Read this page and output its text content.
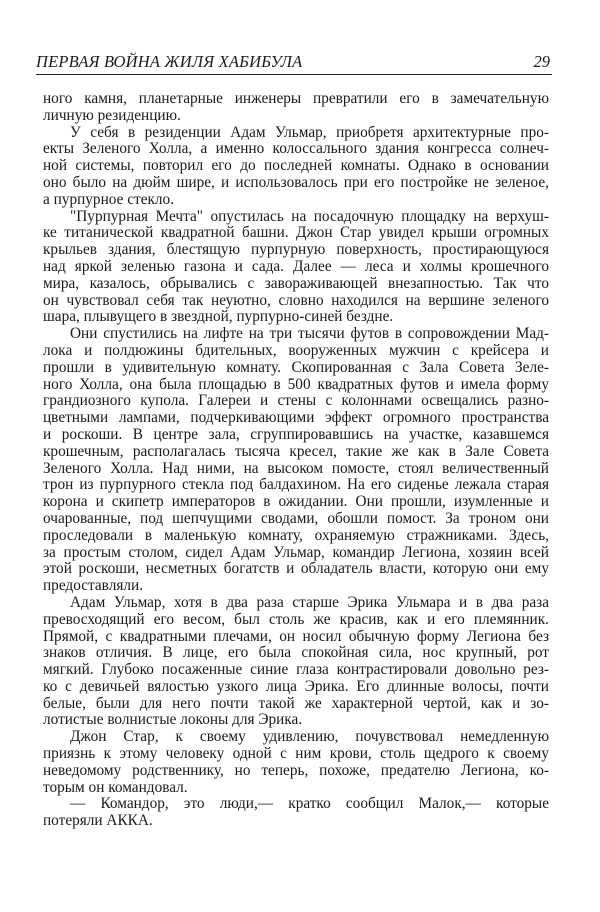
ПЕРВАЯ ВОЙНА ЖИЛЯ ХАБИБУЛА	29
ного камня, планетарные инженеры превратили его в замечательную
личную резиденцию.
У себя в резиденции Адам Ульмар, приобретя архитектурные про-
екты Зеленого Холла, а именно колоссального здания конгресса солнеч-
ной системы, повторил его до последней комнаты. Однако в основании
оно было на дюйм шире, и использовалось при его постройке не зеленое,
а пурпурное стекло.
"Пурпурная Мечта" опустилась на посадочную площадку на верхуш-
ке титанической квадратной башни. Джон Стар увидел крыши огромных
крыльев здания, блестящую пурпурную поверхность, простирающуюся
над яркой зеленью газона и сада. Далее — леса и холмы крошечного
мира, казалось, обрывались с завораживающей внезапностью. Так что
он чувствовал себя так неуютно, словно находился на вершине зеленого
шара, плывущего в звездной, пурпурно-синей бездне.
Они спустились на лифте на три тысячи футов в сопровождении Мад-
лока и полдюжины бдительных, вооруженных мужчин с крейсера и
прошли в удивительную комнату. Скопированная с Зала Совета Зеле-
ного Холла, она была площадью в 500 квадратных футов и имела форму
грандиозного купола. Галереи и стены с колоннами освещались разно-
цветными лампами, подчеркивающими эффект огромного пространства
и роскоши. В центре зала, сгруппировавшись на участке, казавшемся
крошечным, располагалась тысяча кресел, такие же как в Зале Совета
Зеленого Холла. Над ними, на высоком помосте, стоял величественный
трон из пурпурного стекла под балдахином. На его сиденье лежала старая
корона и скипетр императоров в ожидании. Они прошли, изумленные и
очарованные, под шепчущими сводами, обошли помост. За троном они
проследовали в маленькую комнату, охраняемую стражниками. Здесь,
за простым столом, сидел Адам Ульмар, командир Легиона, хозяин всей
этой роскоши, несметных богатств и обладатель власти, которую они ему
предоставляли.
Адам Ульмар, хотя в два раза старше Эрика Ульмара и в два раза
превосходящий его весом, был столь же красив, как и его племянник.
Прямой, с квадратными плечами, он носил обычную форму Легиона без
знаков отличия. В лице, его была спокойная сила, нос крупный, рот
мягкий. Глубоко посаженные синие глаза контрастировали довольно рез-
ко с девичьей вялостью узкого лица Эрика. Его длинные волосы, почти
белые, были для него почти такой же характерной чертой, как и зо-
лотистые волнистые локоны для Эрика.
Джон Стар, к своему удивлению, почувствовал немедленную
приязнь к этому человеку одной с ним крови, столь щедрого к своему
неведомому родственнику, но теперь, похоже, предателю Легиона, ко-
торым он командовал.
— Командор, это люди,— кратко сообщил Малок,— которые
потеряли АККА.
